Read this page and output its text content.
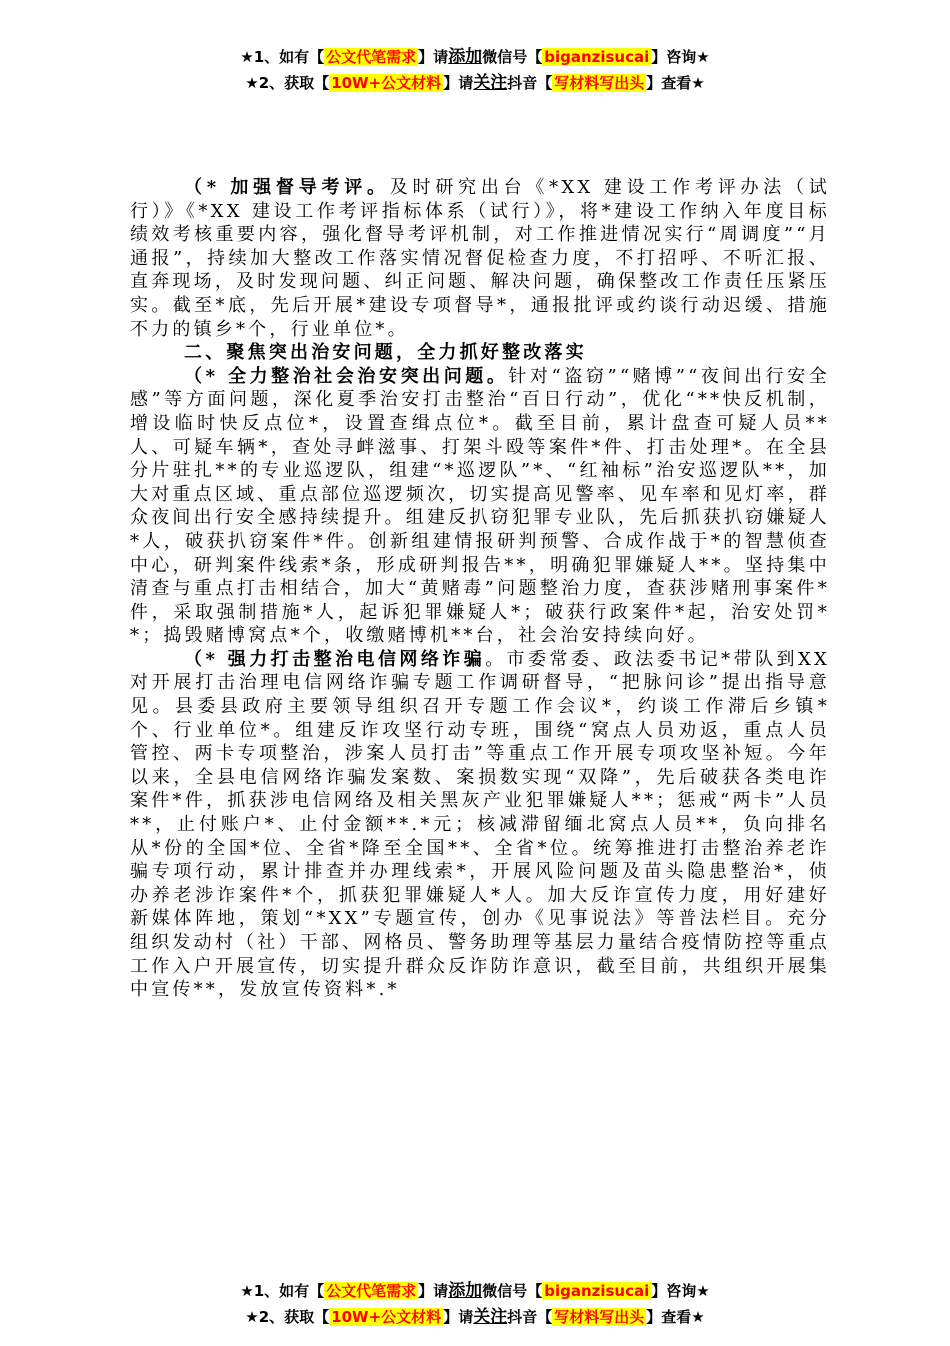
★1、如有【 公文代笔需求 】请添加微信号【 biganzisucai 】咨询★
★2、获取【 10W+公文材料 】请关注抖音【 写材料写出头 】查看★

（* 加强督导考评。及时研究出台《*XX 建设工作考评办法（试行）》《*XX 建设工作考评指标体系（试行）》，将*建设工作纳入年度目标绩效考核重要内容，强化督导考评机制，对工作推进情况实行“周调度”“月通报”，持续加大整改工作落实情况督促检查力度，不打招呼、不听汇报、直奔现场，及时发现问题、纠正问题、解决问题，确保整改工作责任压紧压实。截至*底，先后开展*建设专项督导*，通报批评或约谈行动迟缓、措施不力的镇乡*个，行业单位*。

二、聚焦突出治安问题，全力抓好整改落实

（* 全力整治社会治安突出问题。针对“盗窃”“赌博”“夜间出行安全感”等方面问题，深化夏季治安打击整治“百日行动”，优化“**快反机制，增设临时快反点位*，设置查缉点位*。截至目前，累计盘查可疑人员**人、可疑车辆*，查处寻衅滋事、打架斗殴等案件*件、打击处理*。在全县分片驻扎**的专业巡逻队，组建“*巡逻队”*、“红袖标”治安巡逻队**，加大对重点区域、重点部位巡逻频次，切实提高见警率、见车率和见灯率，群众夜间出行安全感持续提升。组建反扒窃犯罪专业队，先后抓获扒窃嫌疑人*人，破获扒窃案件*件。创新组建情报研判预警、合成作战于*的智慧侦查中心，研判案件线索*条，形成研判报告**，明确犯罪嫌疑人**。坚持集中清查与重点打击相结合，加大“黄赌毒”问题整治力度，查获涉赌刑事案件*件，采取强制措施*人，起诉犯罪嫌疑人*；破获行政案件*起，治安处罚**；捣毁赌博窝点*个，收缴赌博机**台，社会治安持续向好。

（* 强力打击整治电信网络诈骗。市委常委、政法委书记*带队到XX对开展打击治理电信网络诈骗专题工作调研督导，“把脉问诊”提出指导意见。县委县政府主要领导组织召开专题工作会议*，约谈工作滞后乡镇*个、行业单位*。组建反诈攻坚行动专班，围绕“窝点人员劝返，重点人员管控、两卡专项整治，涉案人员打击”等重点工作开展专项攻坚补短。今年以来，全县电信网络诈骗发案数、案损数实现“双降”，先后破获各类电诈案件*件，抓获涉电信网络及相关黑灰产业犯罪嫌疑人**；惩戒“两卡”人员**，止付账户*、止付金额**.*元；核减滞留缅北窝点人员**，负向排名从*份的全国*位、全省*降至全国**、全省*位。统筹推进打击整治养老诈骗专项行动，累计排查并办理线索*，开展风险问题及苗头隐患整治*，侦办养老涉诈案件*个，抓获犯罪嫌疑人*人。加大反诈宣传力度，用好建好新媒体阵地，策划“*XX”专题宣传，创办《见事说法》等普法栏目。充分组织发动村（社）干部、网格员、警务助理等基层力量结合疫情防控等重点工作入户开展宣传，切实提升群众反诈防诈意识，截至目前，共组织开展集中宣传**，发放宣传资料*.*

★1、如有【 公文代笔需求 】请添加微信号【 biganzisucai 】咨询★
★2、获取【 10W+公文材料 】请关注抖音【 写材料写出头 】查看★
